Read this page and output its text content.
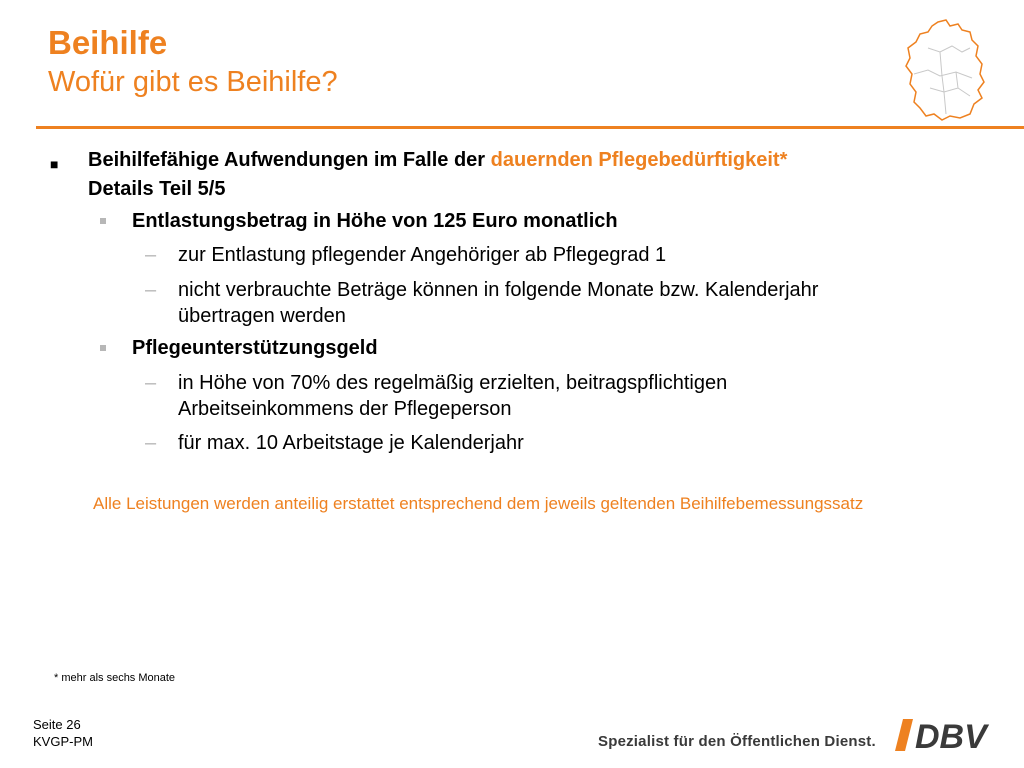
Beihilfe
Wofür gibt es Beihilfe?
■ Beihilfefähige Aufwendungen im Falle der dauernden Pflegebedürftigkeit*
Details Teil 5/5
Entlastungsbetrag in Höhe von 125 Euro monatlich
– zur Entlastung pflegender Angehöriger ab Pflegegrad 1
– nicht verbrauchte Beträge können in folgende Monate bzw. Kalenderjahr
übertragen werden
Pflegeunterstützungsgeld
– in Höhe von 70% des regelmäßig erzielten, beitragspflichtigen
Arbeitseinkommens der Pflegeperson
– für max. 10 Arbeitstage je Kalenderjahr
Alle Leistungen werden anteilig erstattet entsprechend dem jeweils geltenden Beihilfebemessungssatz
* mehr als sechs Monate
Seite 26
KVGP-PM	Spezialist für den Öffentlichen Dienst. DBV
